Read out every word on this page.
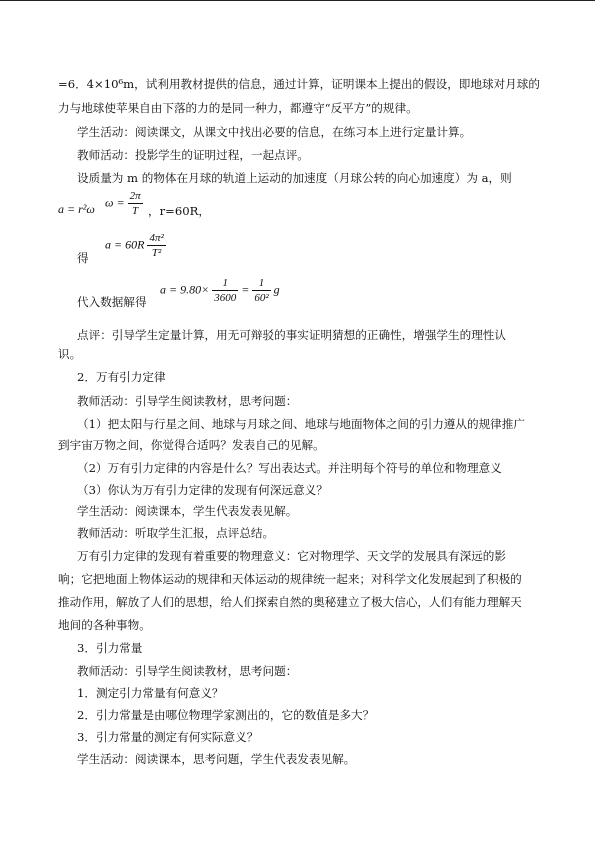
=6．4×10⁶m，试利用教材提供的信息，通过计算，证明课本上提出的假设，即地球对月球的
力与地球使苹果自由下落的力的是同一种力，都遵守“反平方”的规律。
学生活动：阅读课文，从课文中找出必要的信息，在练习本上进行定量计算。
教师活动：投影学生的证明过程，一起点评。
设质量为 m 的物体在月球的轨道上运动的加速度（月球公转的向心加速度）为 a，则
a = r²ω $\omega = \frac{2\pi}{T}$ ，r=60R，
$a = 60R \frac{\text{4π²}}{\text{T²}}$
得
$a = 9.80\times \frac{1}{3600} = \frac{1}{\text{60²}}$ g
代入数据解得
点评：引导学生定量计算，用无可辩驳的事实证明猜想的正确性，增强学生的理性认
识。
2．万有引力定律
教师活动：引导学生阅读教材，思考问题：
（1）把太阳与行星之间、地球与月球之间、地球与地面物体之间的引力遵从的规律推广
到宇宙万物之间，你觉得合适吗？发表自己的见解。
（2）万有引力定律的内容是什么？写出表达式。并注明每个符号的单位和物理意义
（3）你认为万有引力定律的发现有何深远意义？
学生活动：阅读课本，学生代表发表见解。
教师活动：听取学生汇报，点评总结。
万有引力定律的发现有着重要的物理意义：它对物理学、天文学的发展具有深远的影
响；它把地面上物体运动的规律和天体运动的规律统一起来；对科学文化发展起到了积极的
推动作用，解放了人们的思想，给人们探索自然的奥秘建立了极大信心，人们有能力理解天
地间的各种事物。
3．引力常量
教师活动：引导学生阅读教材，思考问题：
1．测定引力常量有何意义？
2．引力常量是由哪位物理学家测出的，它的数值是多大？
3．引力常量的测定有何实际意义？
学生活动：阅读课本，思考问题，学生代表发表见解。
